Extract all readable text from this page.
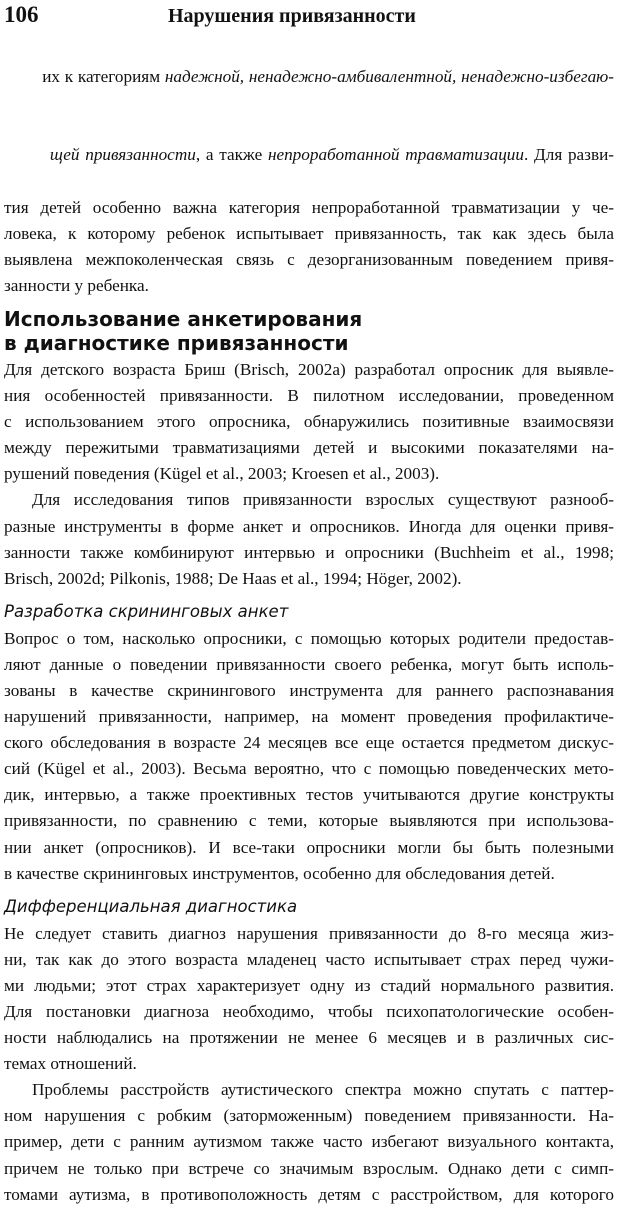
106	Нарушения привязанности

их к категориям надежной, ненадежно-амбивалентной, ненадежно-избегаю-

щей привязанности, а также непроработанной травматизации. Для разви-

тия детей особенно важна категория непроработанной травматизации у че-
ловека, к которому ребенок испытывает привязанность, так как здесь была
выявлена межпоколенческая связь с дезорганизованным поведением привя-
занности у ребенка.
Использование анкетирования
в диагностике привязанности
Для детского возраста Бриш (Brisch, 2002a) разработал опросник для выявле-
ния особенностей привязанности. В пилотном исследовании, проведенном
с использованием этого опросника, обнаружились позитивные взаимосвязи
между пережитыми травматизациями детей и высокими показателями на-
рушений поведения (Kügel et al., 2003; Kroesen et al., 2003).
Для исследования типов привязанности взрослых существуют разнооб-
разные инструменты в форме анкет и опросников. Иногда для оценки привя-
занности также комбинируют интервью и опросники (Buchheim et al., 1998;
Brisch, 2002d; Pilkonis, 1988; De Haas et al., 1994; Höger, 2002).
Разработка скрининговых анкет
Вопрос о том, насколько опросники, с помощью которых родители предостав-
ляют данные о поведении привязанности своего ребенка, могут быть исполь-
зованы в качестве скринингового инструмента для раннего распознавания
нарушений привязанности, например, на момент проведения профилактиче-
ского обследования в возрасте 24 месяцев все еще остается предметом дискус-
сий (Kügel et al., 2003). Весьма вероятно, что с помощью поведенческих мето-
дик, интервью, а также проективных тестов учитываются другие конструкты
привязанности, по сравнению с теми, которые выявляются при использова-
нии анкет (опросников). И все-таки опросники могли бы быть полезными
в качестве скрининговых инструментов, особенно для обследования детей.
Дифференциальная диагностика
Не следует ставить диагноз нарушения привязанности до 8-го месяца жиз-
ни, так как до этого возраста младенец часто испытывает страх перед чужи-
ми людьми; этот страх характеризует одну из стадий нормального развития.
Для постановки диагноза необходимо, чтобы психопатологические особен-
ности наблюдались на протяжении не менее 6 месяцев и в различных сис-
темах отношений.
Проблемы расстройств аутистического спектра можно спутать с паттер-
ном нарушения с робким (заторможенным) поведением привязанности. На-
пример, дети с ранним аутизмом также часто избегают визуального контакта,
причем не только при встрече со значимым взрослым. Однако дети с симп-
томами аутизма, в противоположность детям с расстройством, для которого
